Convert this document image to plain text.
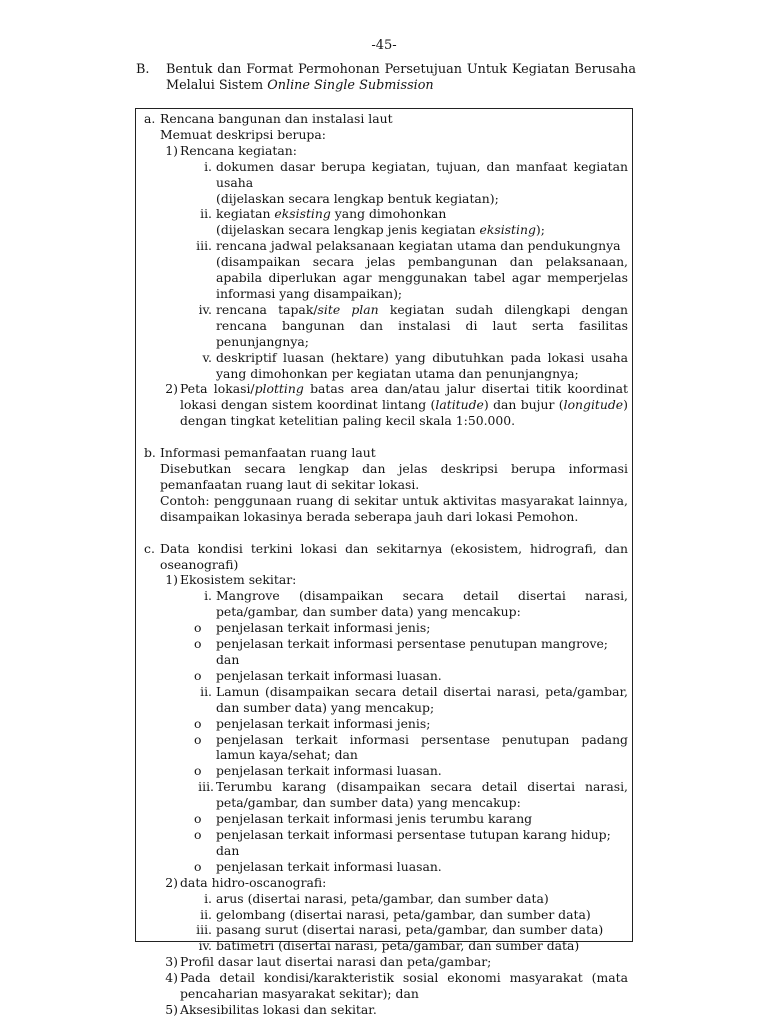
-45-
B. Bentuk dan Format Permohonan Persetujuan Untuk Kegiatan Berusaha Melalui Sistem Online Single Submission
a. Rencana bangunan dan instalasi laut
Memuat deskripsi berupa:
1) Rencana kegiatan:
i. dokumen dasar berupa kegiatan, tujuan, dan manfaat kegiatan usaha
(dijelaskan secara lengkap bentuk kegiatan);
ii. kegiatan eksisting yang dimohonkan
(dijelaskan secara lengkap jenis kegiatan eksisting);
iii. rencana jadwal pelaksanaan kegiatan utama dan pendukungnya
(disampaikan secara jelas pembangunan dan pelaksanaan, apabila diperlukan agar menggunakan tabel agar memperjelas informasi yang disampaikan);
iv. rencana tapak/site plan kegiatan sudah dilengkapi dengan rencana bangunan dan instalasi di laut serta fasilitas penunjangnya;
v. deskriptif luasan (hektare) yang dibutuhkan pada lokasi usaha yang dimohonkan per kegiatan utama dan penunjangnya;
2) Peta lokasi/plotting batas area dan/atau jalur disertai titik koordinat lokasi dengan sistem koordinat lintang (latitude) dan bujur (longitude) dengan tingkat ketelitian paling kecil skala 1:50.000.
b. Informasi pemanfaatan ruang laut
Disebutkan secara lengkap dan jelas deskripsi berupa informasi pemanfaatan ruang laut di sekitar lokasi.
Contoh: penggunaan ruang di sekitar untuk aktivitas masyarakat lainnya, disampaikan lokasinya berada seberapa jauh dari lokasi Pemohon.
c. Data kondisi terkini lokasi dan sekitarnya (ekosistem, hidrografi, dan oseanografi)
1) Ekosistem sekitar:
i. Mangrove (disampaikan secara detail disertai narasi, peta/gambar, dan sumber data) yang mencakup:
o penjelasan terkait informasi jenis;
o penjelasan terkait informasi persentase penutupan mangrove; dan
o penjelasan terkait informasi luasan.
ii. Lamun (disampaikan secara detail disertai narasi, peta/gambar, dan sumber data) yang mencakup;
o penjelasan terkait informasi jenis;
o penjelasan terkait informasi persentase penutupan padang lamun kaya/sehat; dan
o penjelasan terkait informasi luasan.
iii. Terumbu karang (disampaikan secara detail disertai narasi, peta/gambar, dan sumber data) yang mencakup:
o penjelasan terkait informasi jenis terumbu karang
o penjelasan terkait informasi persentase tutupan karang hidup; dan
o penjelasan terkait informasi luasan.
2) data hidro-oscanografi:
i. arus (disertai narasi, peta/gambar, dan sumber data)
ii. gelombang (disertai narasi, peta/gambar, dan sumber data)
iii. pasang surut (disertai narasi, peta/gambar, dan sumber data)
iv. batimetri (disertai narasi, peta/gambar, dan sumber data)
3) Profil dasar laut disertai narasi dan peta/gambar;
4) Pada detail kondisi/karakteristik sosial ekonomi masyarakat (mata pencaharian masyarakat sekitar); dan
5) Aksesibilitas lokasi dan sekitar.
